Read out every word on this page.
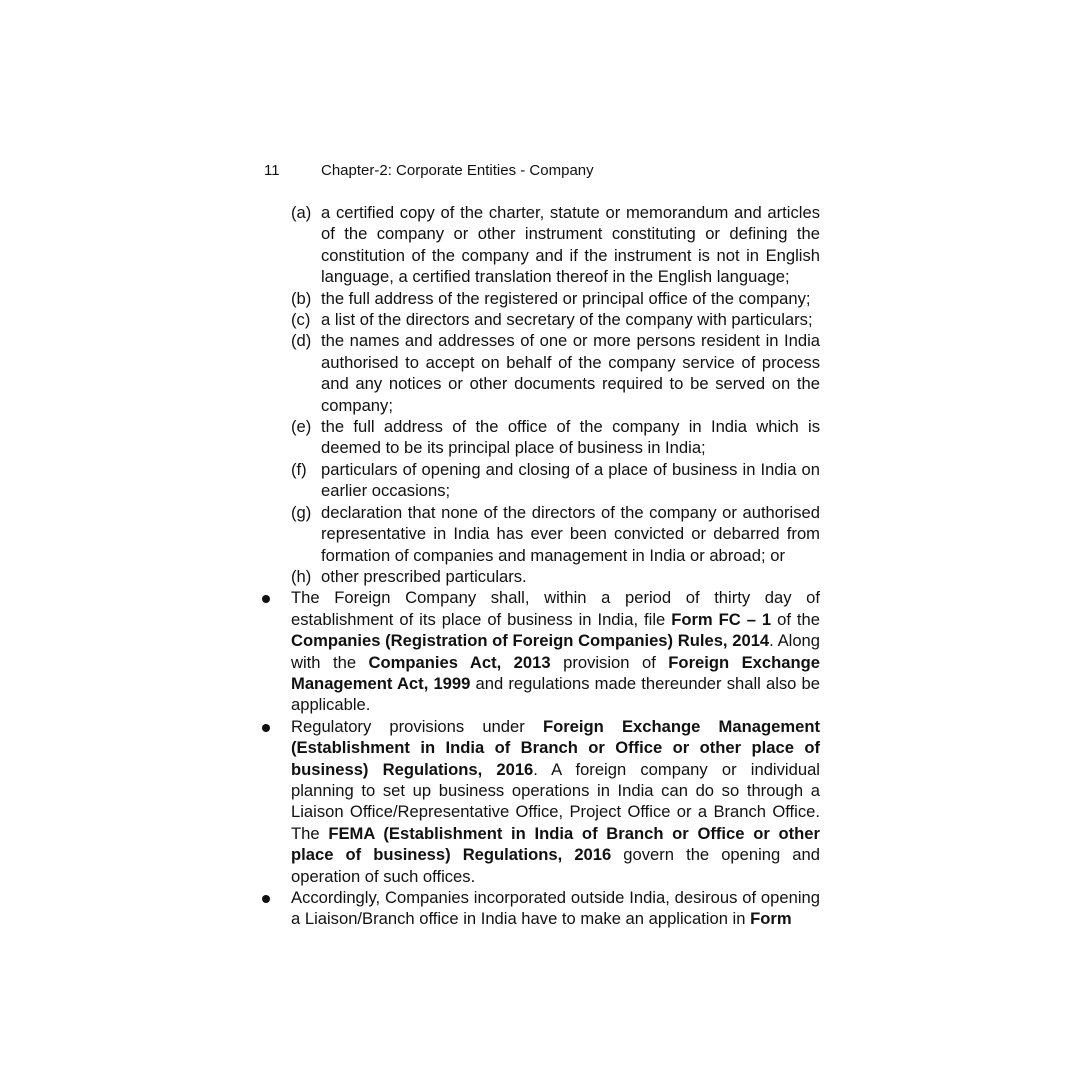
11	Chapter-2: Corporate Entities - Company
(a) a certified copy of the charter, statute or memorandum and articles of the company or other instrument constituting or defining the constitution of the company and if the instrument is not in English language, a certified translation thereof in the English language;
(b) the full address of the registered or principal office of the company;
(c) a list of the directors and secretary of the company with particulars;
(d) the names and addresses of one or more persons resident in India authorised to accept on behalf of the company service of process and any notices or other documents required to be served on the company;
(e) the full address of the office of the company in India which is deemed to be its principal place of business in India;
(f) particulars of opening and closing of a place of business in India on earlier occasions;
(g) declaration that none of the directors of the company or authorised representative in India has ever been convicted or debarred from formation of companies and management in India or abroad; or
(h) other prescribed particulars.
The Foreign Company shall, within a period of thirty day of establishment of its place of business in India, file Form FC – 1 of the Companies (Registration of Foreign Companies) Rules, 2014. Along with the Companies Act, 2013 provision of Foreign Exchange Management Act, 1999 and regulations made thereunder shall also be applicable.
Regulatory provisions under Foreign Exchange Management (Establishment in India of Branch or Office or other place of business) Regulations, 2016. A foreign company or individual planning to set up business operations in India can do so through a Liaison Office/Representative Office, Project Office or a Branch Office. The FEMA (Establishment in India of Branch or Office or other place of business) Regulations, 2016 govern the opening and operation of such offices.
Accordingly, Companies incorporated outside India, desirous of opening a Liaison/Branch office in India have to make an application in Form
